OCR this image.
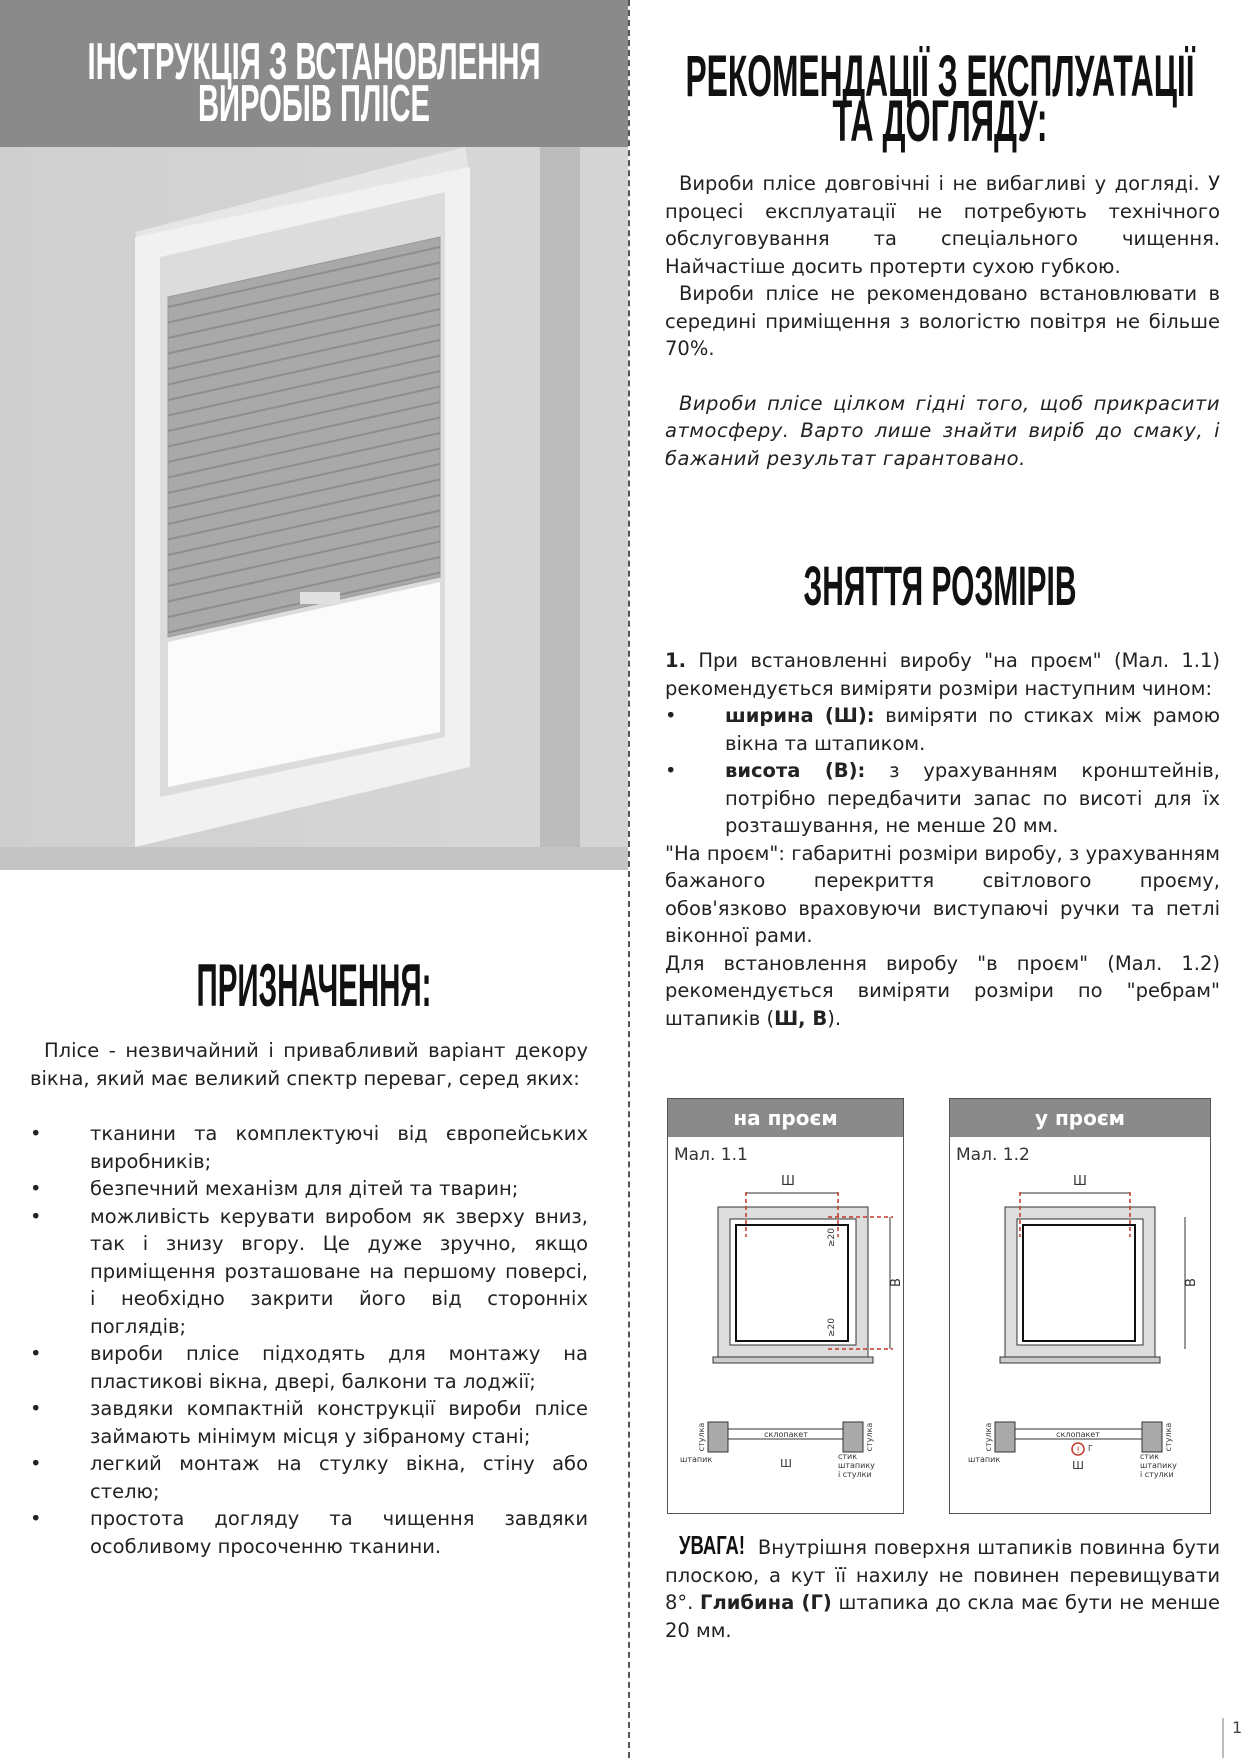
ІНСТРУКЦІЯ З ВСТАНОВЛЕННЯ
ВИРОБІВ ПЛІСЕ
ПРИЗНАЧЕННЯ:

Плісе - незвичайний і привабливий варіант декору вікна, який має великий спектр переваг, серед яких:

• тканини та комплектуючі від європейських виробників;
• безпечний механізм для дітей та тварин;
• можливість керувати виробом як зверху вниз, так і знизу вгору. Це дуже зручно, якщо приміщення розташоване на першому поверсі, і необхідно закрити його від сторонніх поглядів;
• вироби плісе підходять для монтажу на пластикові вікна, двері, балкони та лоджії;
• завдяки компактній конструкції вироби плісе займають мінімум місця у зібраному стані;
• легкий монтаж на стулку вікна, стіну або стелю;
• простота догляду та чищення завдяки особливому просоченню тканини.
РЕКОМЕНДАЦІЇ З ЕКСПЛУАТАЦІЇ
ТА ДОГЛЯДУ:

Вироби плісе довговічні і не вибагливі у догляді. У процесі експлуатації не потребують технічного обслуговування та спеціального чищення. Найчастіше досить протерти сухою губкою.

Вироби плісе не рекомендовано встановлювати в середині приміщення з вологістю повітря не більше 70%.

Вироби плісе цілком гідні того, щоб прикрасити атмосферу. Варто лише знайти виріб до смаку, і бажаний результат гарантовано.

ЗНЯТТЯ РОЗМІРІВ

1. При встановленні виробу "на проєм" (Мал. 1.1) рекомендується виміряти розміри наступним чином:

• ширина (Ш): виміряти по стиках між рамою вікна та штапиком.
• висота (В): з урахуванням кронштейнів, потрібно передбачити запас по висоті для їх розташування, не менше 20 мм.

"На проєм": габаритні розміри виробу, з урахуванням бажаного перекриття світлового проєму, обов'язково враховуючи виступаючі ручки та петлі віконної рами.

Для встановлення виробу "в проєм" (Мал. 1.2) рекомендується виміряти розміри по "ребрам" штапиків (Ш, В).

на проєм
Мал. 1.1
Ш
В
≥20
≥20
стулка	стулка
склопакет
штапик	Ш
стик
штапику
і стулки
у проєм
Мал. 1.2
Ш
В
стулка	стулка
склопакет
! Г
штапик	Ш
стик
штапику
і стулки

УВАГА! Внутрішня поверхня штапиків повинна бути плоскою, а кут її нахилу не повинен перевищувати 8°. Глибина (Г) штапика до скла має бути не менше 20 мм.

1
